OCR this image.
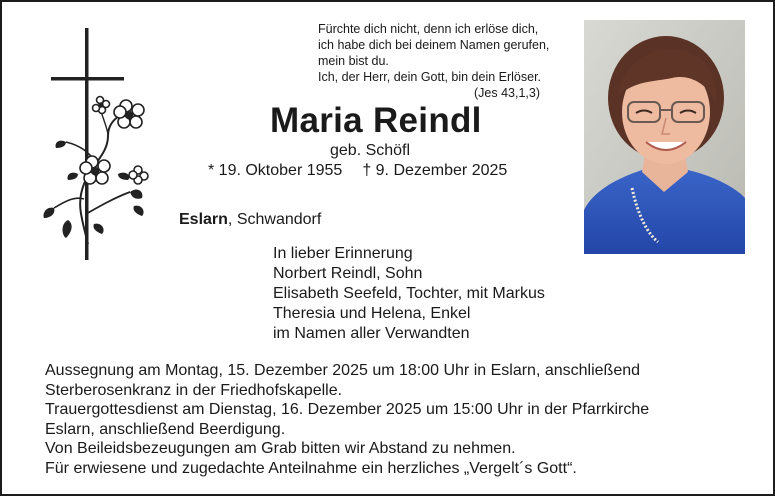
Fürchte dich nicht, denn ich erlöse dich,
ich habe dich bei deinem Namen gerufen,
mein bist du.
Ich, der Herr, dein Gott, bin dein Erlöser.
(Jes 43,1,3)
Maria Reindl
geb. Schöfl
* 19. Oktober 1955 † 9. Dezember 2025
Eslarn, Schwandorf
In lieber Erinnerung
Norbert Reindl, Sohn
Elisabeth Seefeld, Tochter, mit Markus
Theresia und Helena, Enkel
im Namen aller Verwandten
Aussegnung am Montag, 15. Dezember 2025 um 18:00 Uhr in Eslarn, anschließend
Sterberosenkranz in der Friedhofskapelle.
Trauergottesdienst am Dienstag, 16. Dezember 2025 um 15:00 Uhr in der Pfarrkirche
Eslarn, anschließend Beerdigung.
Von Beileidsbezeugungen am Grab bitten wir Abstand zu nehmen.
Für erwiesene und zugedachte Anteilnahme ein herzliches „Vergelt´s Gott“.
